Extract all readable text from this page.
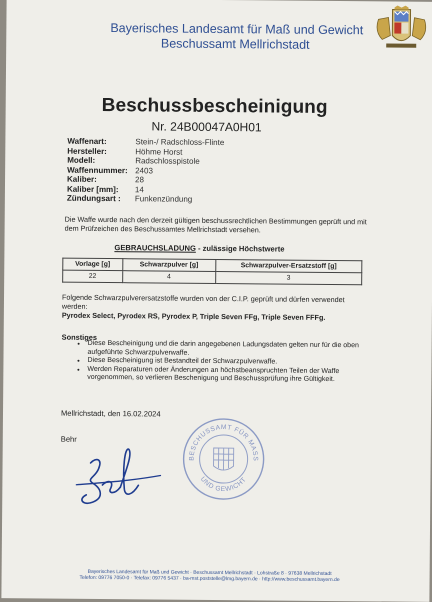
Bayerisches Landesamt für Maß und Gewicht
Beschussamt Mellrichstadt
Beschussbescheinigung
Nr. 24B00047A0H01
Waffenart:	Stein-/ Radschloss-Flinte
Hersteller:	Höhme Horst
Modell:	Radschlosspistole
Waffennummer: 2403
Kaliber:	28
Kaliber [mm]:	14
Zündungsart :	Funkenzündung
Die Waffe wurde nach den derzeit gültigen beschussrechtlichen Bestimmungen geprüft und mit dem Prüfzeichen des Beschussamtes Mellrichstadt versehen.
GEBRAUCHSLADUNG - zulässige Höchstwerte
Vorlage [g]	Schwarzpulver [g]	Schwarzpulver-Ersatzstoff [g]
22	4	3
Folgende Schwarzpulverersatzstoffe wurden von der C.I.P. geprüft und dürfen verwendet werden:
Pyrodex Select, Pyrodex RS, Pyrodex P, Triple Seven FFg, Triple Seven FFFg.
Sonstiges
• Diese Bescheinigung und die darin angegebenen Ladungsdaten gelten nur für die oben aufgeführte Schwarzpulverwaffe.
• Diese Bescheinigung ist Bestandteil der Schwarzpulverwaffe.
• Werden Reparaturen oder Änderungen an höchstbeanspruchten Teilen der Waffe vorgenommen, so verlieren Beschenigung und Beschussprüfung ihre Gültigkeit.
Mellrichstadt, den 16.02.2024
Behr
BESCHUSSAMT FÜR MASS
UND GEWICHT
Bayerisches Landesamt für Maß und Gewicht · Beschussamt Mellrichstadt · Lohstraße 8 · 97638 Mellrichstadt
Telefon: 09776 7050-0 · Telefax: 09776 5437 · ba-mst.poststelle@lmg.bayern.de · http://www.beschussamt.bayern.de
